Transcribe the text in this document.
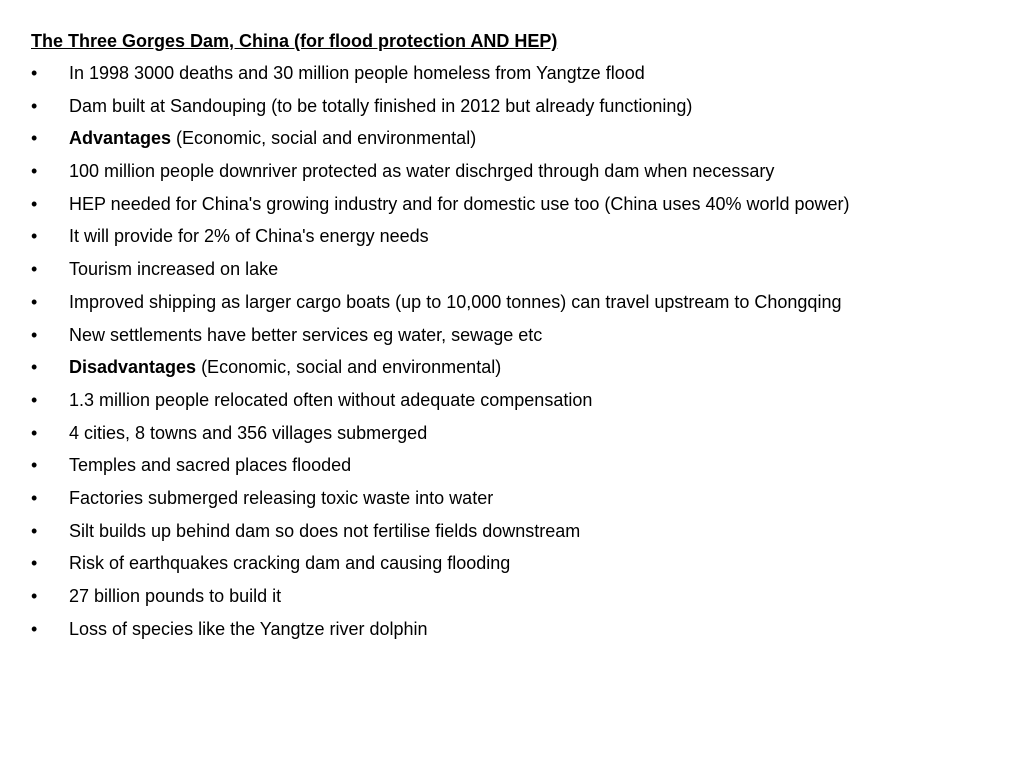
The Three Gorges Dam, China (for flood protection AND HEP)
•	In 1998 3000 deaths and 30 million people homeless from Yangtze flood
•	Dam built at Sandouping (to be totally finished in 2012 but already functioning)
•	Advantages (Economic, social and environmental)
•	100 million people downriver protected as water dischrged through dam when necessary
•	HEP needed for China's growing industry and for domestic use too (China uses 40% world power)
•	It will provide for 2% of China's energy needs
•	Tourism increased on lake
•	Improved shipping as larger cargo boats (up to 10,000 tonnes) can travel upstream to Chongqing
•	New settlements have better services eg water, sewage etc
•	Disadvantages (Economic, social and environmental)
•	1.3 million people relocated often without adequate compensation
•	4 cities, 8 towns and 356 villages submerged
•	Temples and sacred places flooded
•	Factories submerged releasing toxic waste into water
•	Silt builds up behind dam so does not fertilise fields downstream
•	Risk of earthquakes cracking dam and causing flooding
•	27 billion pounds to build it
•	Loss of species like the Yangtze river dolphin
